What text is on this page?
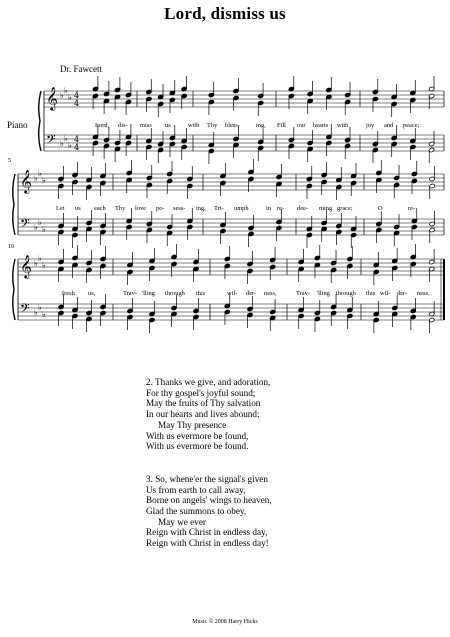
Lord, dismiss us
Dr. Fawcett
Piano
5
10
𝄞
𝄢
♭
♭
♭
♭
♭
♭
4
4
4
4
𝄞
𝄢
♭
♭
♭
♭
♭
♭
𝄞
𝄢
♭
♭
♭
♭
♭
♭
Lord, dis- miss us	with Thy bless-	ing, Fill our hearts with	joy and peace;
Let us each Thy love po- sess- ing, Tri- umph	in re- dee- ming grace;	O	re-
fresh us,	Trav- 'lling through this	wil- der- ness,	Trav- 'lling through this wil- der- ness.
2. Thanks we give, and adoration,
For thy gospel's joyful sound;
May the fruits of Thy salvation
In our hearts and lives abound;
May Thy presence
With us evermore be found,
With us evermore be found.
3. So, whene'er the signal's given
Us from earth to call away,
Borne on angels' wings to heaven,
Glad the summons to obey,
May we ever
Reign with Christ in endless day,
Reign with Christ in endless day!
Music © 2008 Harry Hicks
